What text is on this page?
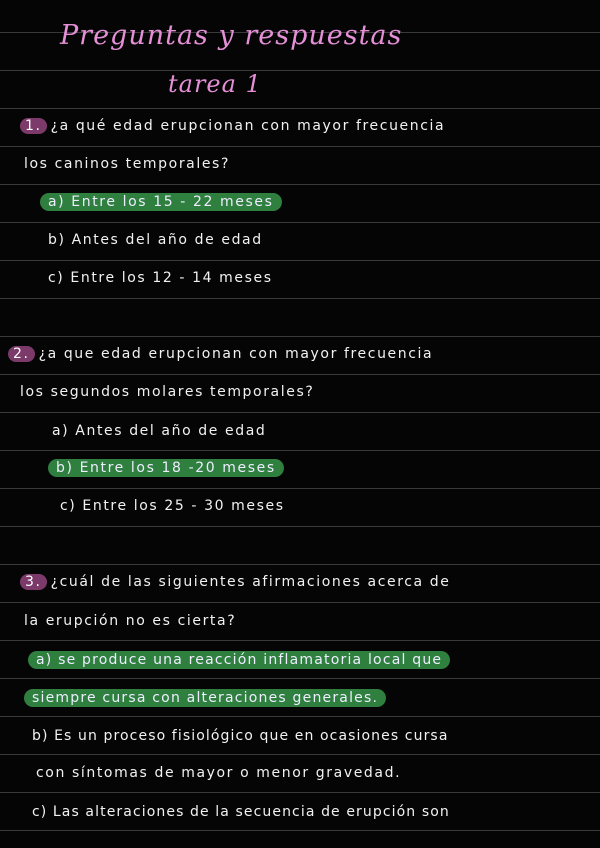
Preguntas y respuestas
tarea 1
1. ¿a qué edad erupcionan con mayor frecuencia
los caninos temporales?
a) Entre los 15 - 22 meses
b) Antes del año de edad
c) Entre los 12 - 14 meses
2. ¿a que edad erupcionan con mayor frecuencia
los segundos molares temporales?
a) Antes del año de edad
b) Entre los 18 -20 meses
c) Entre los 25 - 30 meses
3. ¿cuál de las siguientes afirmaciones acerca de
la erupción no es cierta?
a) se produce una reacción inflamatoria local que
siempre cursa con alteraciones generales.
b) Es un proceso fisiológico que en ocasiones cursa
con síntomas de mayor o menor gravedad.
c) Las alteraciones de la secuencia de erupción son
